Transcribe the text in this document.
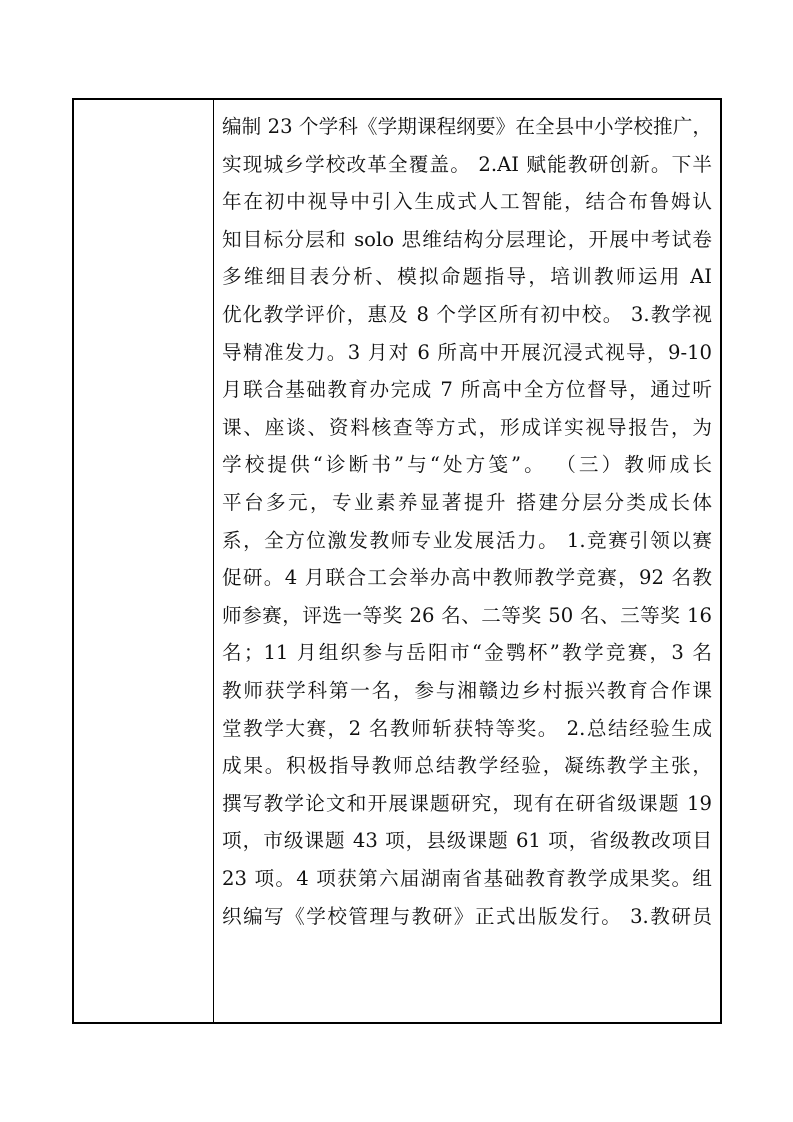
编制 23 个学科《学期课程纲要》在全县中小学校推广，
实现城乡学校改革全覆盖。 2.AI 赋能教研创新。下半
年在初中视导中引入生成式人工智能，结合布鲁姆认
知目标分层和 solo 思维结构分层理论，开展中考试卷
多维细目表分析、模拟命题指导，培训教师运用 AI
优化教学评价，惠及 8 个学区所有初中校。 3.教学视
导精准发力。3 月对 6 所高中开展沉浸式视导，9-10
月联合基础教育办完成 7 所高中全方位督导，通过听
课、座谈、资料核查等方式，形成详实视导报告，为
学校提供“诊断书”与“处方笺”。 （三）教师成长
平台多元，专业素养显著提升 搭建分层分类成长体
系，全方位激发教师专业发展活力。 1.竞赛引领以赛
促研。4 月联合工会举办高中教师教学竞赛，92 名教
师参赛，评选一等奖 26 名、二等奖 50 名、三等奖 16
名；11 月组织参与岳阳市“金鹗杯”教学竞赛，3 名
教师获学科第一名，参与湘赣边乡村振兴教育合作课
堂教学大赛，2 名教师斩获特等奖。 2.总结经验生成
成果。积极指导教师总结教学经验，凝练教学主张，
撰写教学论文和开展课题研究，现有在研省级课题 19
项，市级课题 43 项，县级课题 61 项，省级教改项目
23 项。4 项获第六届湖南省基础教育教学成果奖。组
织编写《学校管理与教研》正式出版发行。 3.教研员
